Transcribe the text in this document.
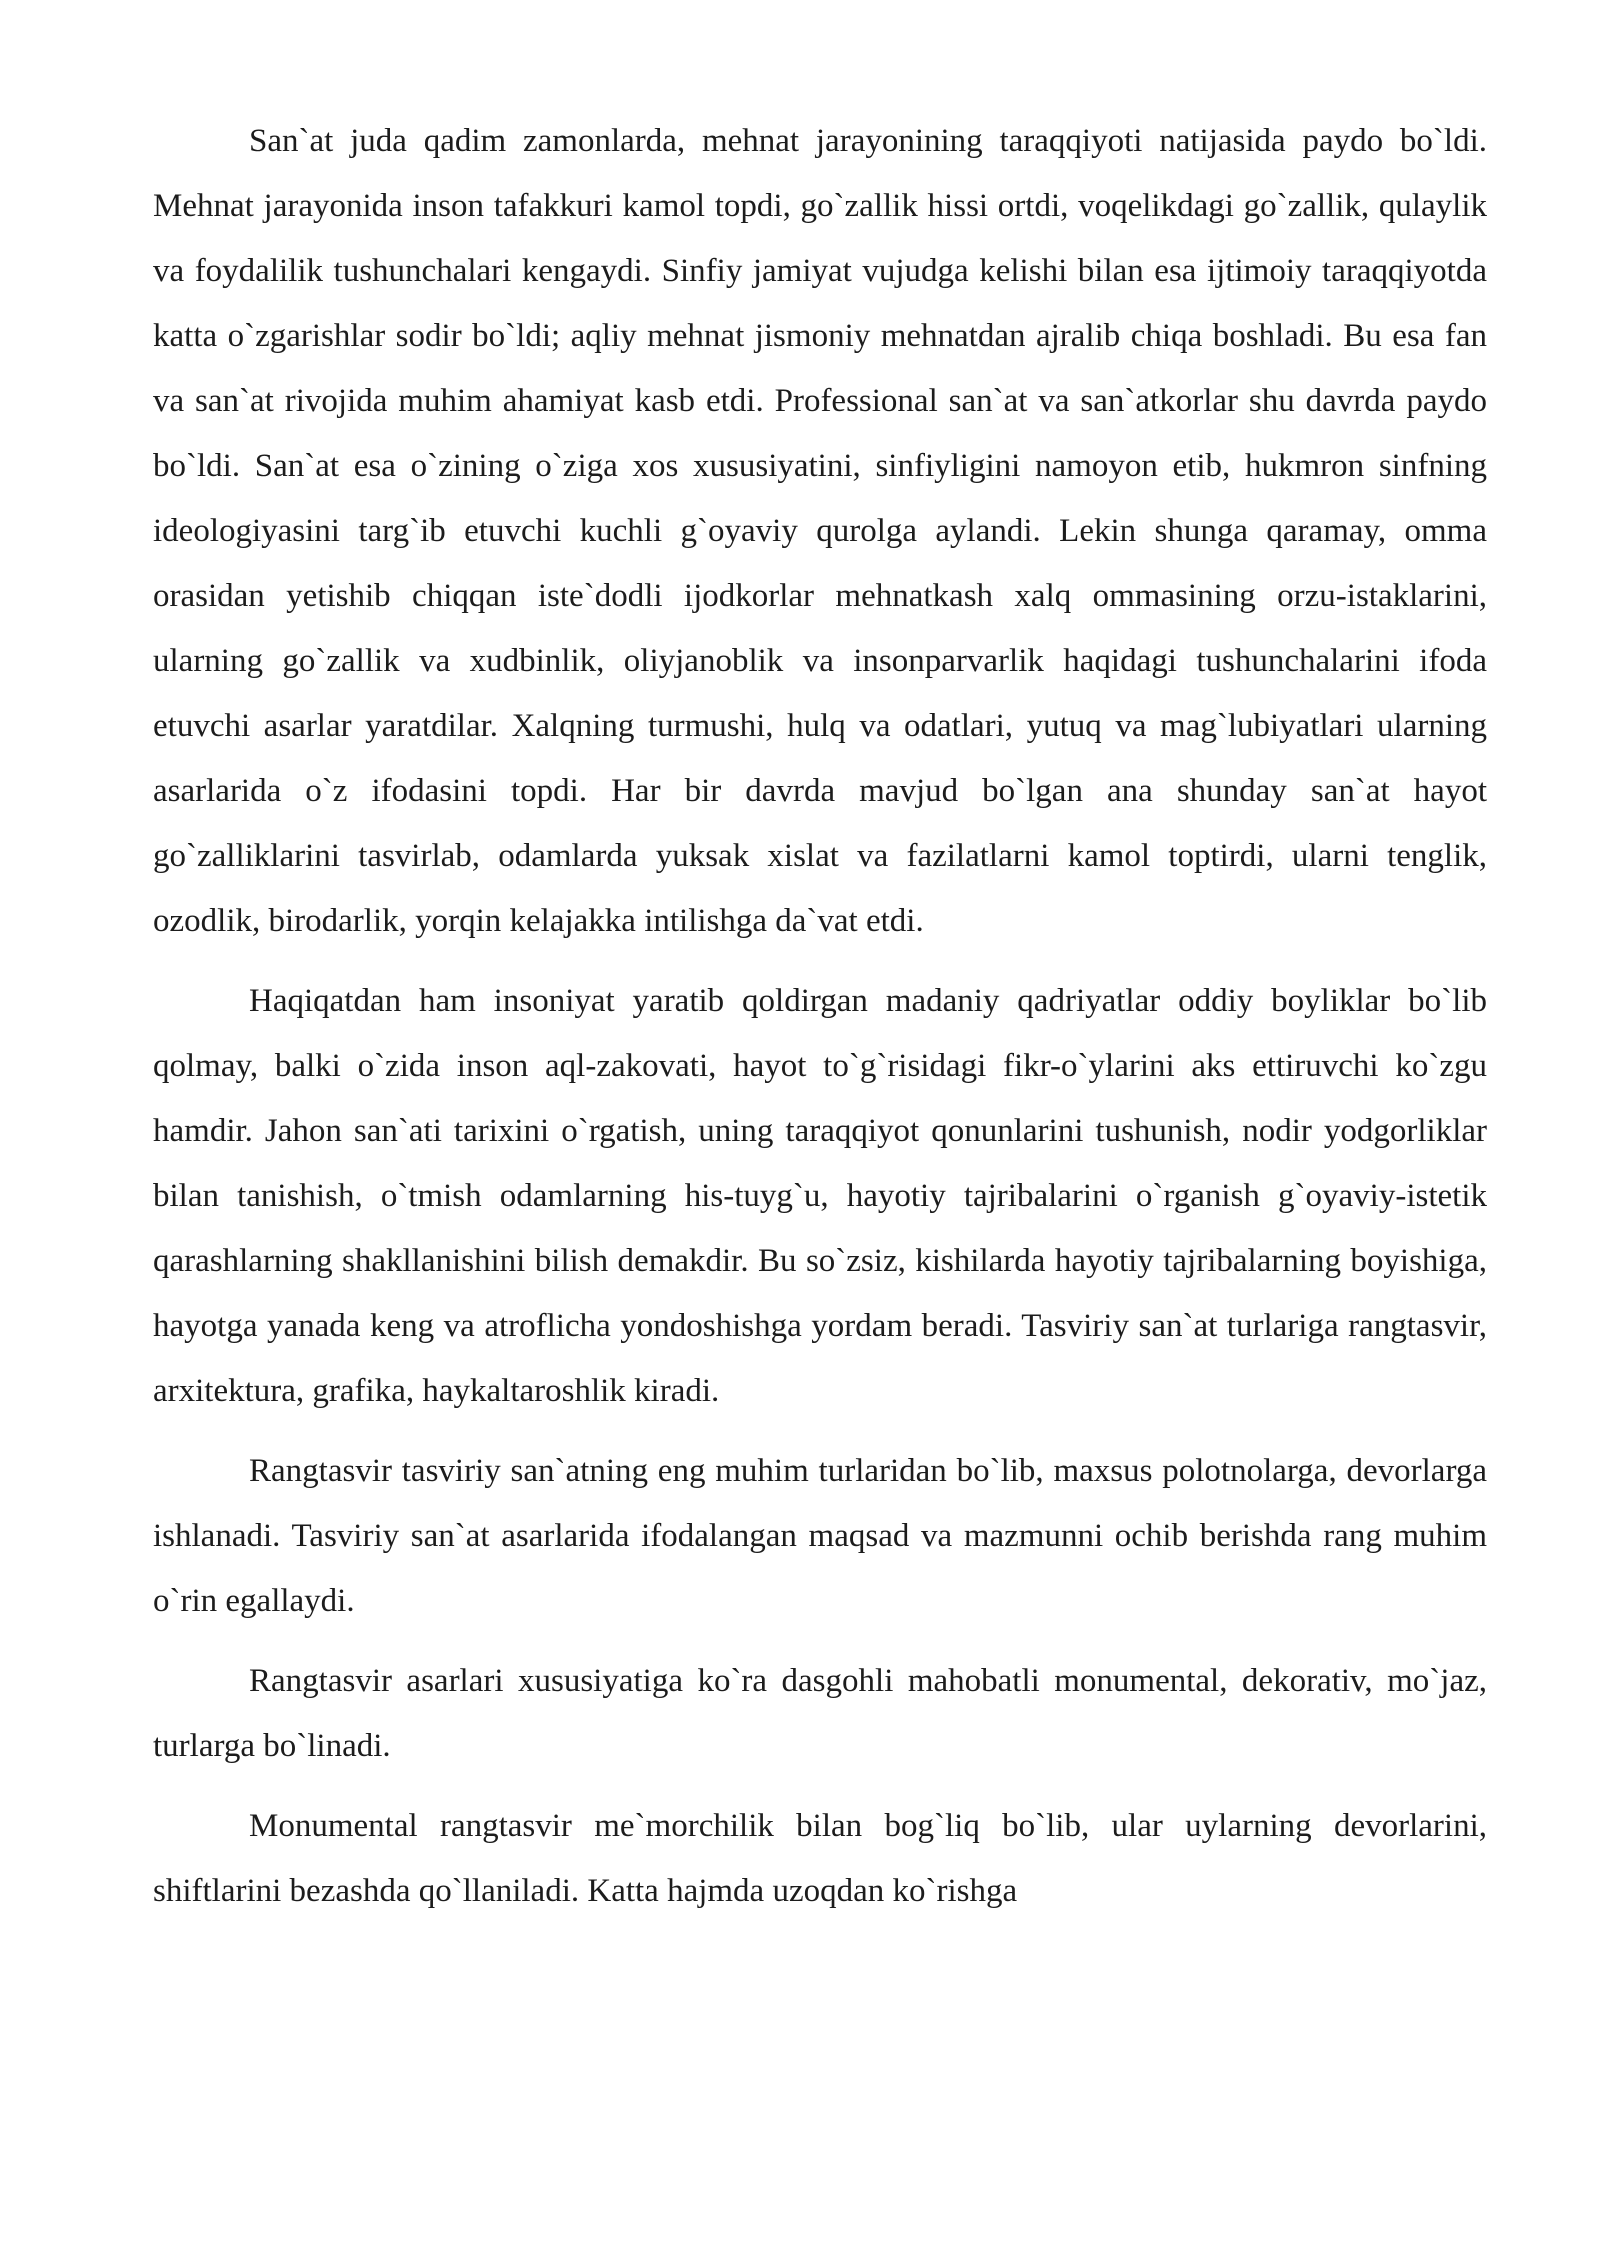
San`at juda qadim zamonlarda, mehnat jarayonining taraqqiyoti natijasida paydo bo`ldi. Mehnat jarayonida inson tafakkuri kamol topdi, go`zallik hissi ortdi, voqelikdagi go`zallik, qulaylik va foydalilik tushunchalari kengaydi. Sinfiy jamiyat vujudga kelishi bilan esa ijtimoiy taraqqiyotda katta o`zgarishlar sodir bo`ldi; aqliy mehnat jismoniy mehnatdan ajralib chiqa boshladi. Bu esa fan va san`at rivojida muhim ahamiyat kasb etdi. Professional san`at va san`atkorlar shu davrda paydo bo`ldi. San`at esa o`zining o`ziga xos xususiyatini, sinfiyligini namoyon etib, hukmron sinfning ideologiyasini targ`ib etuvchi kuchli g`oyaviy qurolga aylandi. Lekin shunga qaramay, omma orasidan yetishib chiqqan iste`dodli ijodkorlar mehnatkash xalq ommasining orzu-istaklarini, ularning go`zallik va xudbinlik, oliyjanoblik va insonparvarlik haqidagi tushunchalarini ifoda etuvchi asarlar yaratdilar. Xalqning turmushi, hulq va odatlari, yutuq va mag`lubiyatlari ularning asarlarida o`z ifodasini topdi. Har bir davrda mavjud bo`lgan ana shunday san`at hayot go`zalliklarini tasvirlab, odamlarda yuksak xislat va fazilatlarni kamol toptirdi, ularni tenglik, ozodlik, birodarlik, yorqin kelajakka intilishga da`vat etdi.

Haqiqatdan ham insoniyat yaratib qoldirgan madaniy qadriyatlar oddiy boyliklar bo`lib qolmay, balki o`zida inson aql-zakovati, hayot to`g`risidagi fikr-o`ylarini aks ettiruvchi ko`zgu hamdir. Jahon san`ati tarixini o`rgatish, uning taraqqiyot qonunlarini tushunish, nodir yodgorliklar bilan tanishish, o`tmish odamlarning his-tuyg`u, hayotiy tajribalarini o`rganish g`oyaviy-istetik qarashlarning shakllanishini bilish demakdir. Bu so`zsiz, kishilarda hayotiy tajribalarning boyishiga, hayotga yanada keng va atroflicha yondoshishga yordam beradi. Tasviriy san`at turlariga rangtasvir, arxitektura, grafika, haykaltaroshlik kiradi.

Rangtasvir tasviriy san`atning eng muhim turlaridan bo`lib, maxsus polotnolarga, devorlarga ishlanadi. Tasviriy san`at asarlarida ifodalangan maqsad va mazmunni ochib berishda rang muhim o`rin egallaydi.

Rangtasvir asarlari xususiyatiga ko`ra dasgohli mahobatli monumental, dekorativ, mo`jaz, turlarga bo`linadi.

Monumental rangtasvir me`morchilik bilan bog`liq bo`lib, ular uylarning devorlarini, shiftlarini bezashda qo`llaniladi. Katta hajmda uzoqdan ko`rishga
